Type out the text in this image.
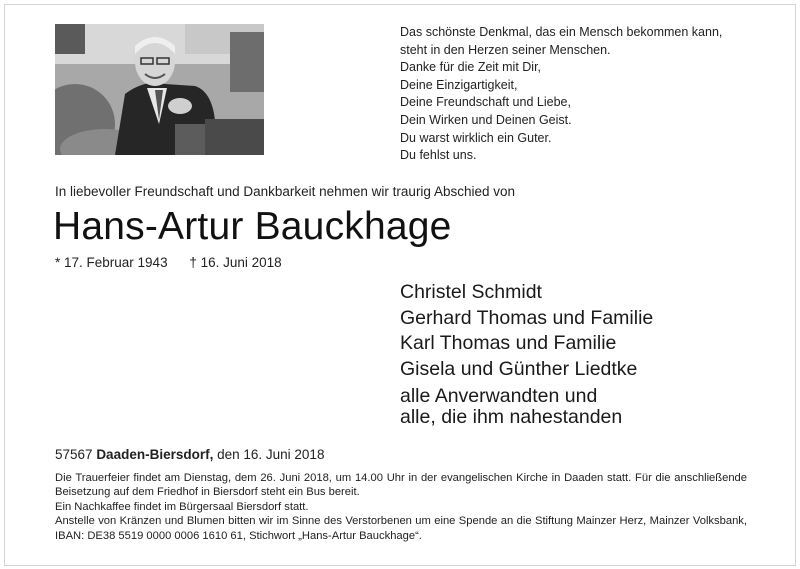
Das schönste Denkmal, das ein Mensch bekommen kann,
steht in den Herzen seiner Menschen.
Danke für die Zeit mit Dir,
Deine Einzigartigkeit,
Deine Freundschaft und Liebe,
Dein Wirken und Deinen Geist.
Du warst wirklich ein Guter.
Du fehlst uns.
In liebevoller Freundschaft und Dankbarkeit nehmen wir traurig Abschied von
Hans-Artur Bauckhage
* 17. Februar 1943 † 16. Juni 2018
Christel Schmidt
Gerhard Thomas und Familie
Karl Thomas und Familie
Gisela und Günther Liedtke
alle Anverwandten und
alle, die ihm nahestanden
57567 Daaden-Biersdorf, den 16. Juni 2018

Die Trauerfeier findet am Dienstag, dem 26. Juni 2018, um 14.00 Uhr in der evangelischen Kirche in Daaden statt. Für die anschließende Beisetzung auf dem Friedhof in Biersdorf steht ein Bus bereit.

Ein Nachkaffee findet im Bürgersaal Biersdorf statt.

Anstelle von Kränzen und Blumen bitten wir im Sinne des Verstorbenen um eine Spende an die Stiftung Mainzer Herz, Mainzer Volksbank, IBAN: DE38 5519 0000 0006 1610 61, Stichwort „Hans-Artur Bauckhage“.
